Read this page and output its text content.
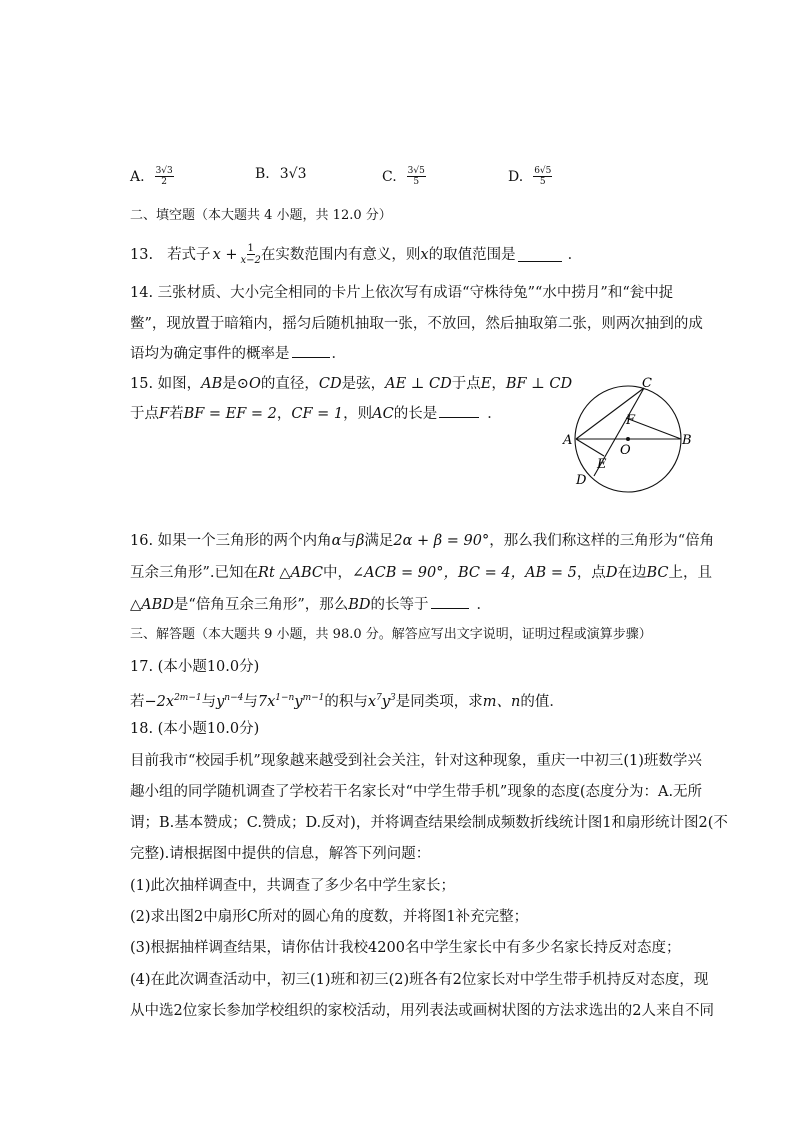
A. $\frac{3√3}{2}$	B. 3√3	C. $\frac{3√5}{5}$	D. $\frac{6√5}{5}$
二、填空题（本大题共 4 小题，共 12.0 分）
13. 若式子 $x + \frac{1}{x-2}$ 在实数范围内有意义，则 x 的取值范围是	．
14. 三张材质、大小完全相同的卡片上依次写有成语“守株待兔”“水中捞月”和“瓮中捉
鳖”，现放置于暗箱内，摇匀后随机抽取一张，不放回，然后抽取第二张，则两次抽到的成
语均为确定事件的概率是	．
15. 如图，AB是⊙O的直径，CD是弦，AE ⊥ CD于点E，BF ⊥ CD
于点F若BF = EF = 2，CF = 1，则AC的长是	．
A	B
C
D
E
F
O
16. 如果一个三角形的两个内角α与β满足2α + β = 90°，那么我们称这样的三角形为“倍角
互余三角形”.已知在Rt △ABC中，∠ACB = 90°，BC = 4，AB = 5，点D在边BC上，且
△ABD是“倍角互余三角形”，那么BD的长等于	．
三、解答题（本大题共 9 小题，共 98.0 分。解答应写出文字说明，证明过程或演算步骤）
17. (本小题10.0分)
若$-2x^{2m-1}$与$y^{n-4}$与$7x^{1-n}y^{m-1}$的积与$x^7y^3$是同类项，求m、n的值．
18. (本小题10.0分)
目前我市“校园手机”现象越来越受到社会关注，针对这种现象，重庆一中初三(1)班数学兴
趣小组的同学随机调查了学校若干名家长对“中学生带手机”现象的态度(态度分为：A.无所
谓；B.基本赞成；C.赞成；D.反对)，并将调查结果绘制成频数折线统计图1和扇形统计图2(不
完整).请根据图中提供的信息，解答下列问题：
(1)此次抽样调查中，共调查了多少名中学生家长；
(2)求出图2中扇形C所对的圆心角的度数，并将图1补充完整；
(3)根据抽样调查结果，请你估计我校4200名中学生家长中有多少名家长持反对态度；
(4)在此次调查活动中，初三(1)班和初三(2)班各有2位家长对中学生带手机持反对态度，现
从中选2位家长参加学校组织的家校活动，用列表法或画树状图的方法求选出的2人来自不同
